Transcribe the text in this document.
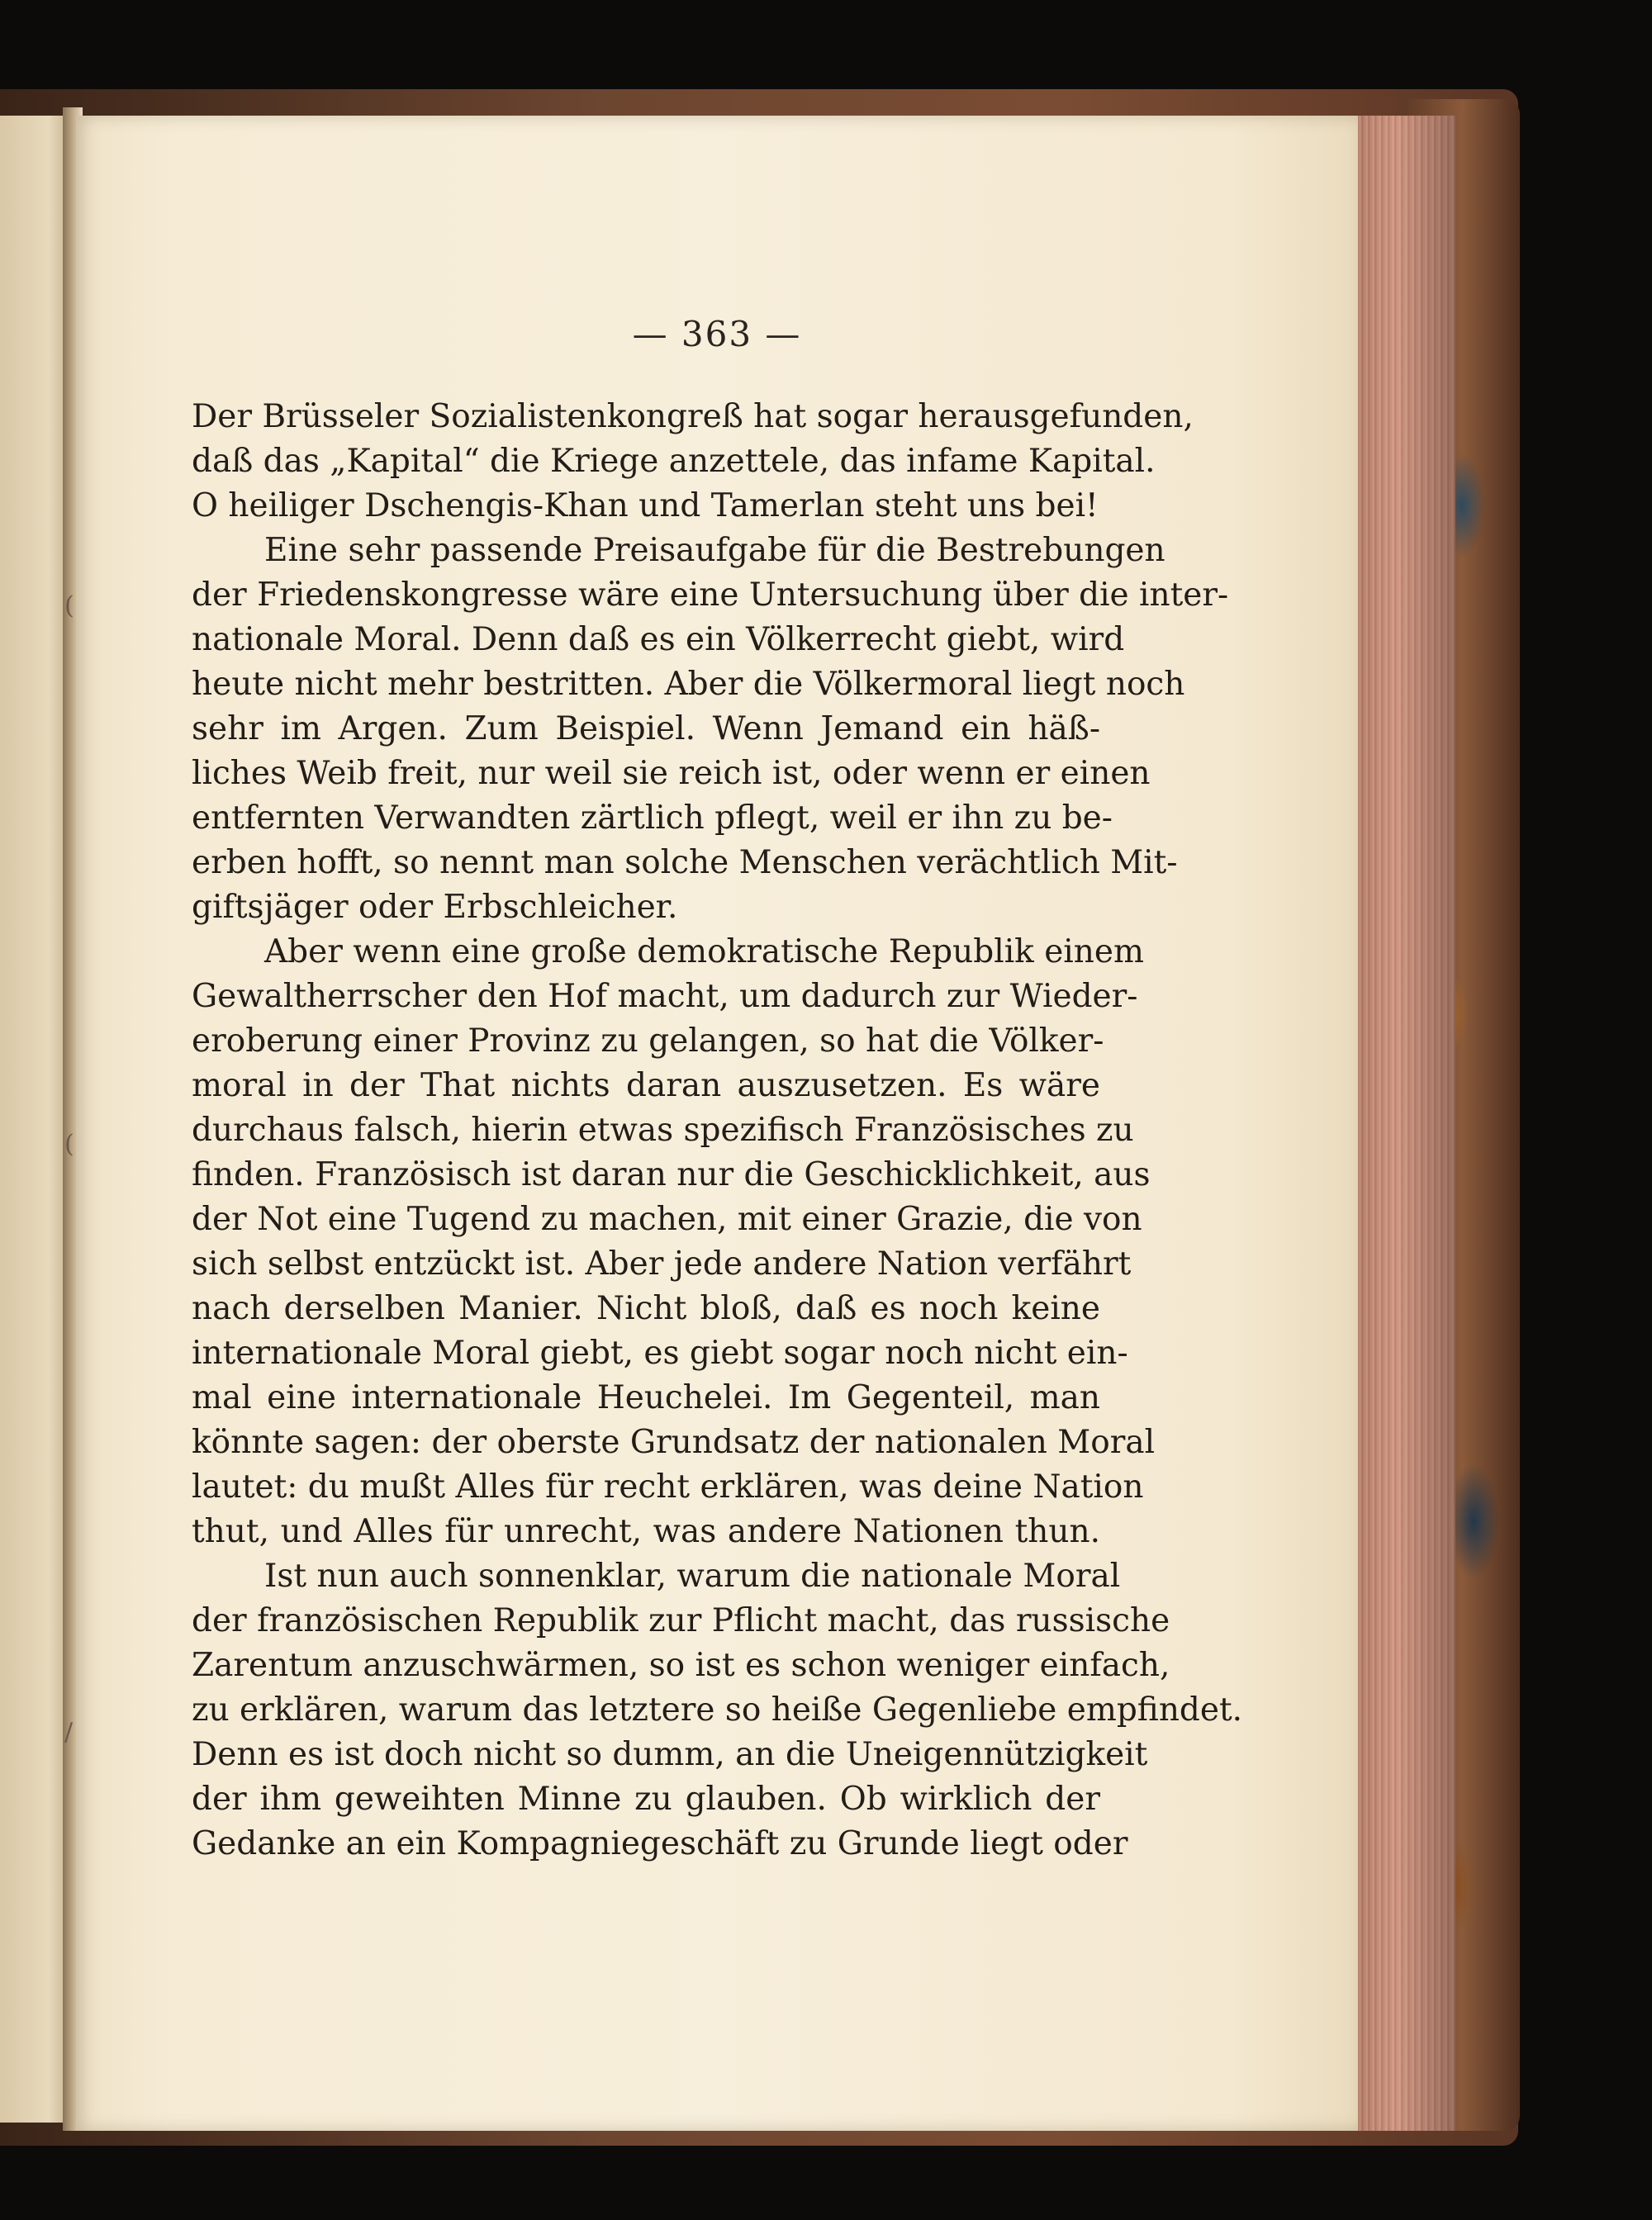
(
(
/
— 363 —
Der Brüsseler Sozialistenkongreß hat sogar herausgefunden,
daß das „Kapital“ die Kriege anzettele, das infame Kapital.
O heiliger Dschengis-Khan und Tamerlan steht uns bei!
Eine sehr passende Preisaufgabe für die Bestrebungen
der Friedenskongresse wäre eine Untersuchung über die inter-
nationale Moral. Denn daß es ein Völkerrecht giebt, wird
heute nicht mehr bestritten. Aber die Völkermoral liegt noch
sehr im Argen. Zum Beispiel. Wenn Jemand ein häß-
liches Weib freit, nur weil sie reich ist, oder wenn er einen
entfernten Verwandten zärtlich pflegt, weil er ihn zu be-
erben hofft, so nennt man solche Menschen verächtlich Mit-
giftsjäger oder Erbschleicher.
Aber wenn eine große demokratische Republik einem
Gewaltherrscher den Hof macht, um dadurch zur Wieder-
eroberung einer Provinz zu gelangen, so hat die Völker-
moral in der That nichts daran auszusetzen. Es wäre
durchaus falsch, hierin etwas spezifisch Französisches zu
finden. Französisch ist daran nur die Geschicklichkeit, aus
der Not eine Tugend zu machen, mit einer Grazie, die von
sich selbst entzückt ist. Aber jede andere Nation verfährt
nach derselben Manier. Nicht bloß, daß es noch keine
internationale Moral giebt, es giebt sogar noch nicht ein-
mal eine internationale Heuchelei. Im Gegenteil, man
könnte sagen: der oberste Grundsatz der nationalen Moral
lautet: du mußt Alles für recht erklären, was deine Nation
thut, und Alles für unrecht, was andere Nationen thun.
Ist nun auch sonnenklar, warum die nationale Moral
der französischen Republik zur Pflicht macht, das russische
Zarentum anzuschwärmen, so ist es schon weniger einfach,
zu erklären, warum das letztere so heiße Gegenliebe empfindet.
Denn es ist doch nicht so dumm, an die Uneigennützigkeit
der ihm geweihten Minne zu glauben. Ob wirklich der
Gedanke an ein Kompagniegeschäft zu Grunde liegt oder
